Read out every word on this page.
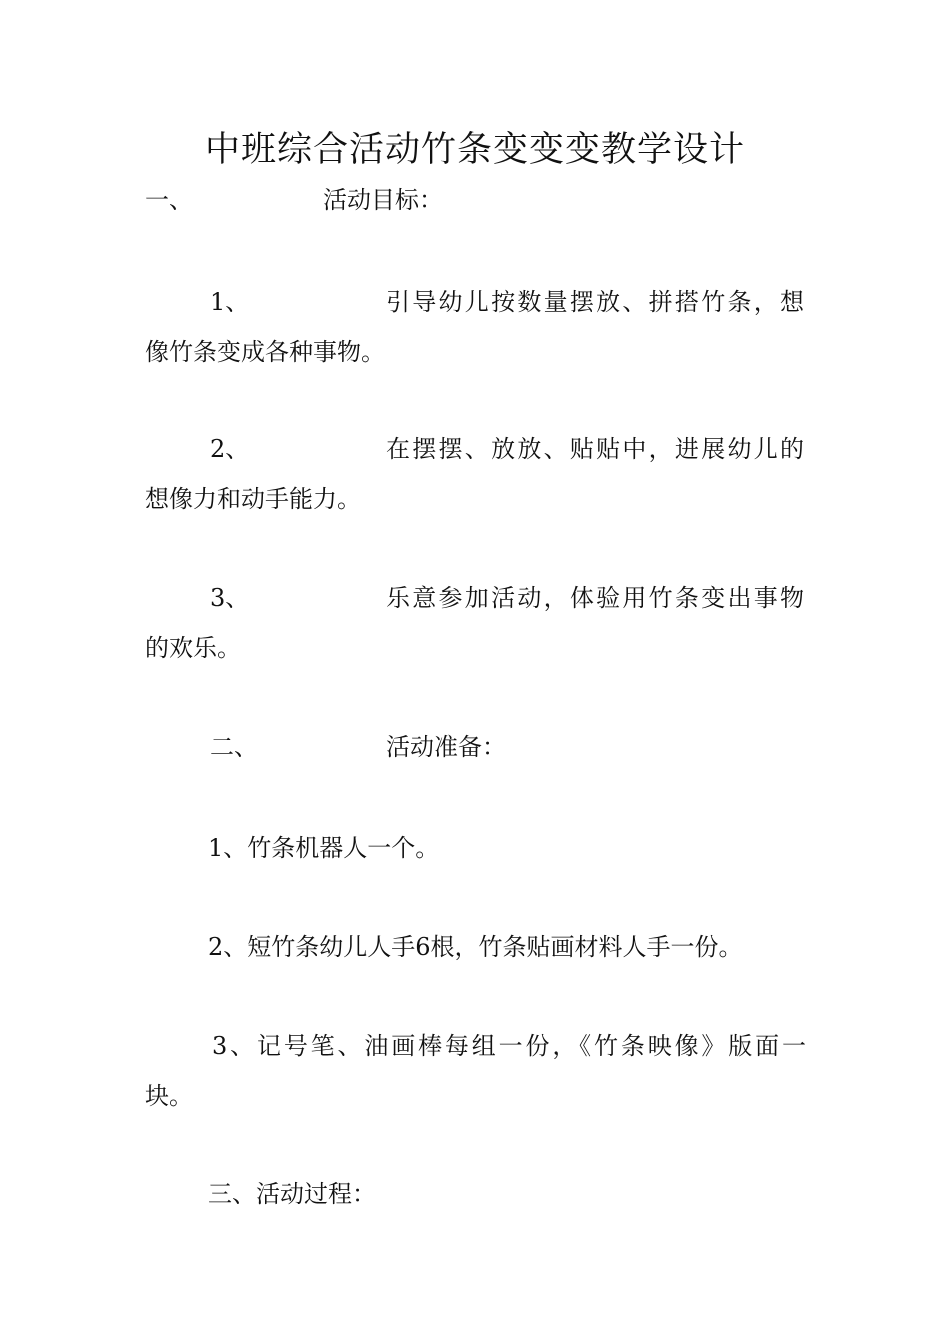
中班综合活动竹条变变变教学设计
一、	活动目标：
1、	引导幼儿按数量摆放、拼搭竹条，想
像竹条变成各种事物。
2、	在摆摆、放放、贴贴中，进展幼儿的
想像力和动手能力。
3、	乐意参加活动，体验用竹条变出事物
的欢乐。
二、	活动准备：
1、竹条机器人一个。
2、短竹条幼儿人手6根，竹条贴画材料人手一份。
3、记号笔、油画棒每组一份，《竹条映像》版面一
块。
三、活动过程：
